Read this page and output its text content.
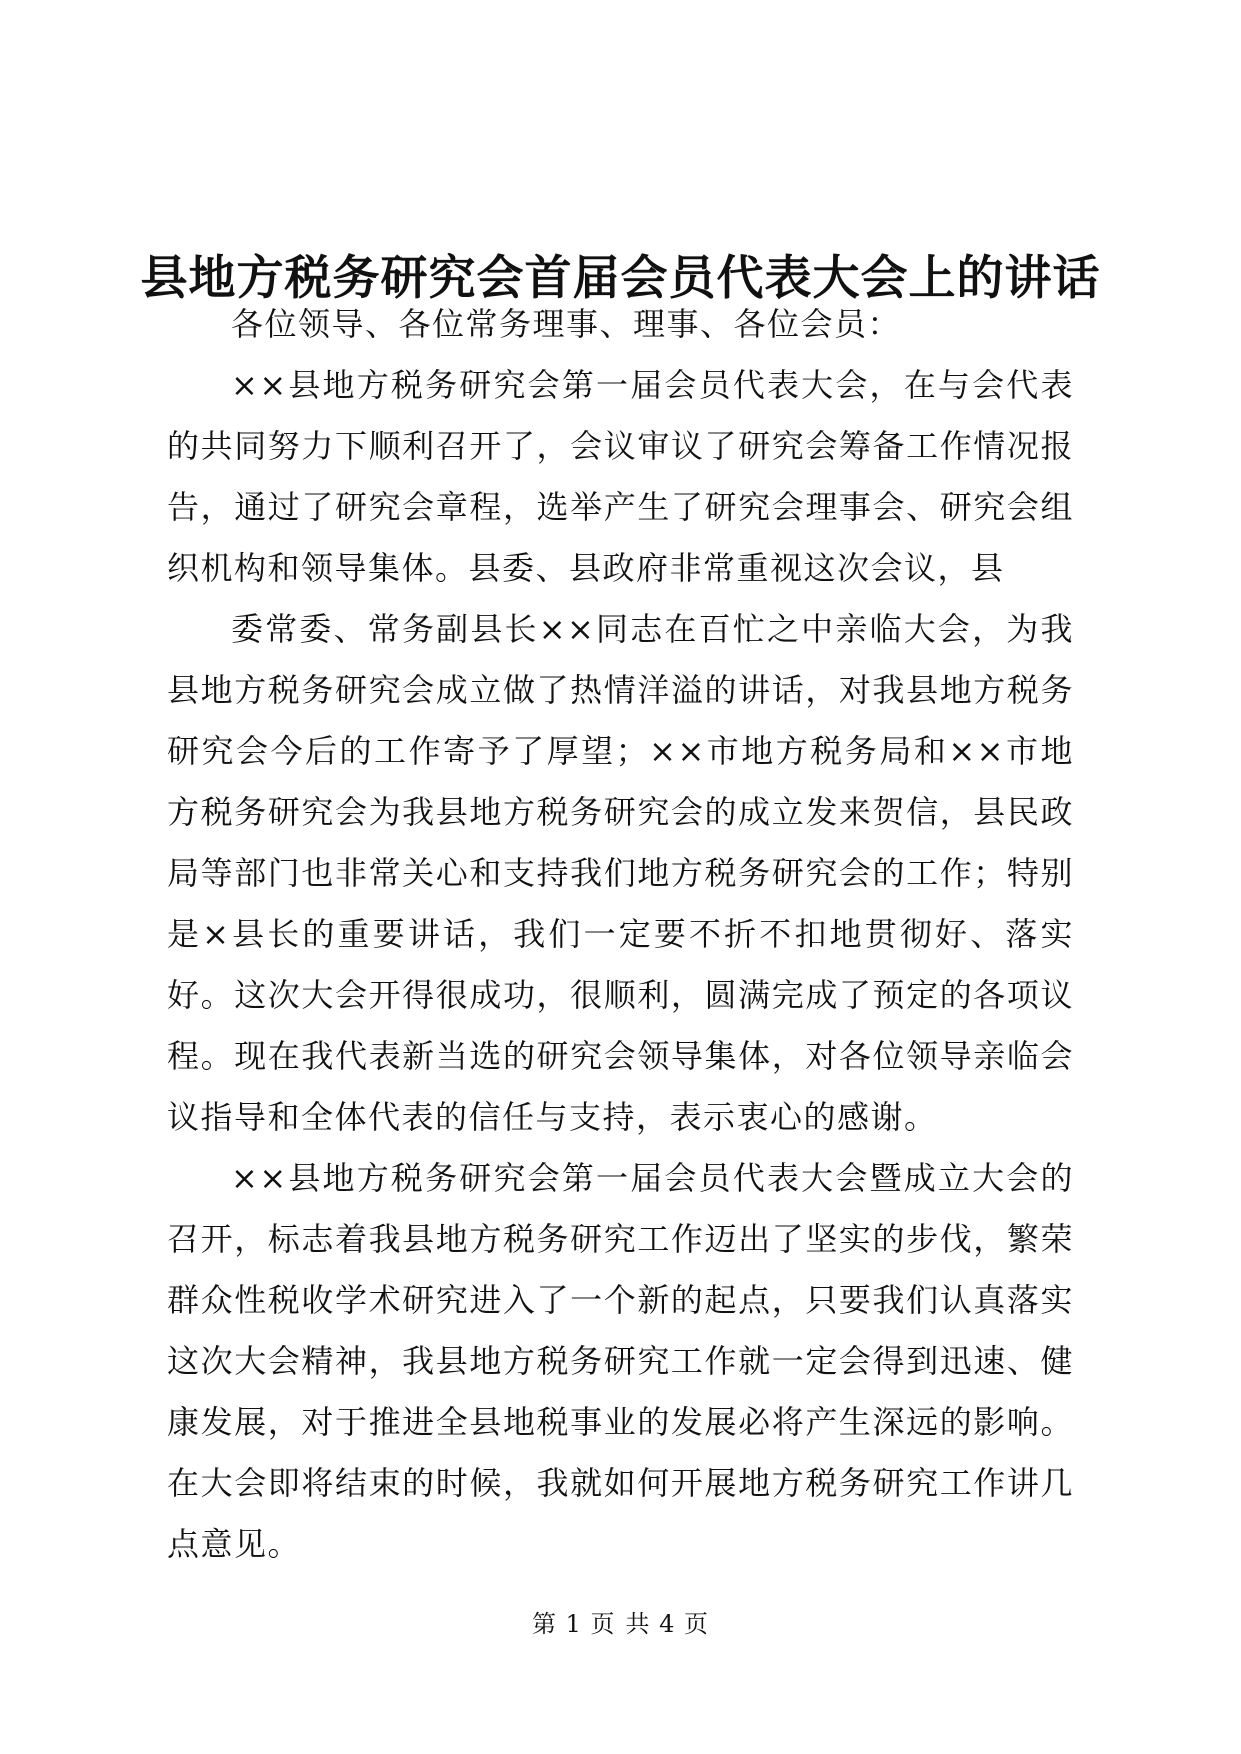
县地方税务研究会首届会员代表大会上的讲话

各位领导、各位常务理事、理事、各位会员：

××县地方税务研究会第一届会员代表大会，在与会代表的共同努力下顺利召开了，会议审议了研究会筹备工作情况报告，通过了研究会章程，选举产生了研究会理事会、研究会组织机构和领导集体。县委、县政府非常重视这次会议，县

委常委、常务副县长××同志在百忙之中亲临大会，为我县地方税务研究会成立做了热情洋溢的讲话，对我县地方税务研究会今后的工作寄予了厚望；××市地方税务局和××市地方税务研究会为我县地方税务研究会的成立发来贺信，县民政局等部门也非常关心和支持我们地方税务研究会的工作；特别是×县长的重要讲话，我们一定要不折不扣地贯彻好、落实好。这次大会开得很成功，很顺利，圆满完成了预定的各项议程。现在我代表新当选的研究会领导集体，对各位领导亲临会议指导和全体代表的信任与支持，表示衷心的感谢。

××县地方税务研究会第一届会员代表大会暨成立大会的召开，标志着我县地方税务研究工作迈出了坚实的步伐，繁荣群众性税收学术研究进入了一个新的起点，只要我们认真落实这次大会精神，我县地方税务研究工作就一定会得到迅速、健康发展，对于推进全县地税事业的发展必将产生深远的影响。在大会即将结束的时候，我就如何开展地方税务研究工作讲几点意见。

第 1 页 共 4 页
